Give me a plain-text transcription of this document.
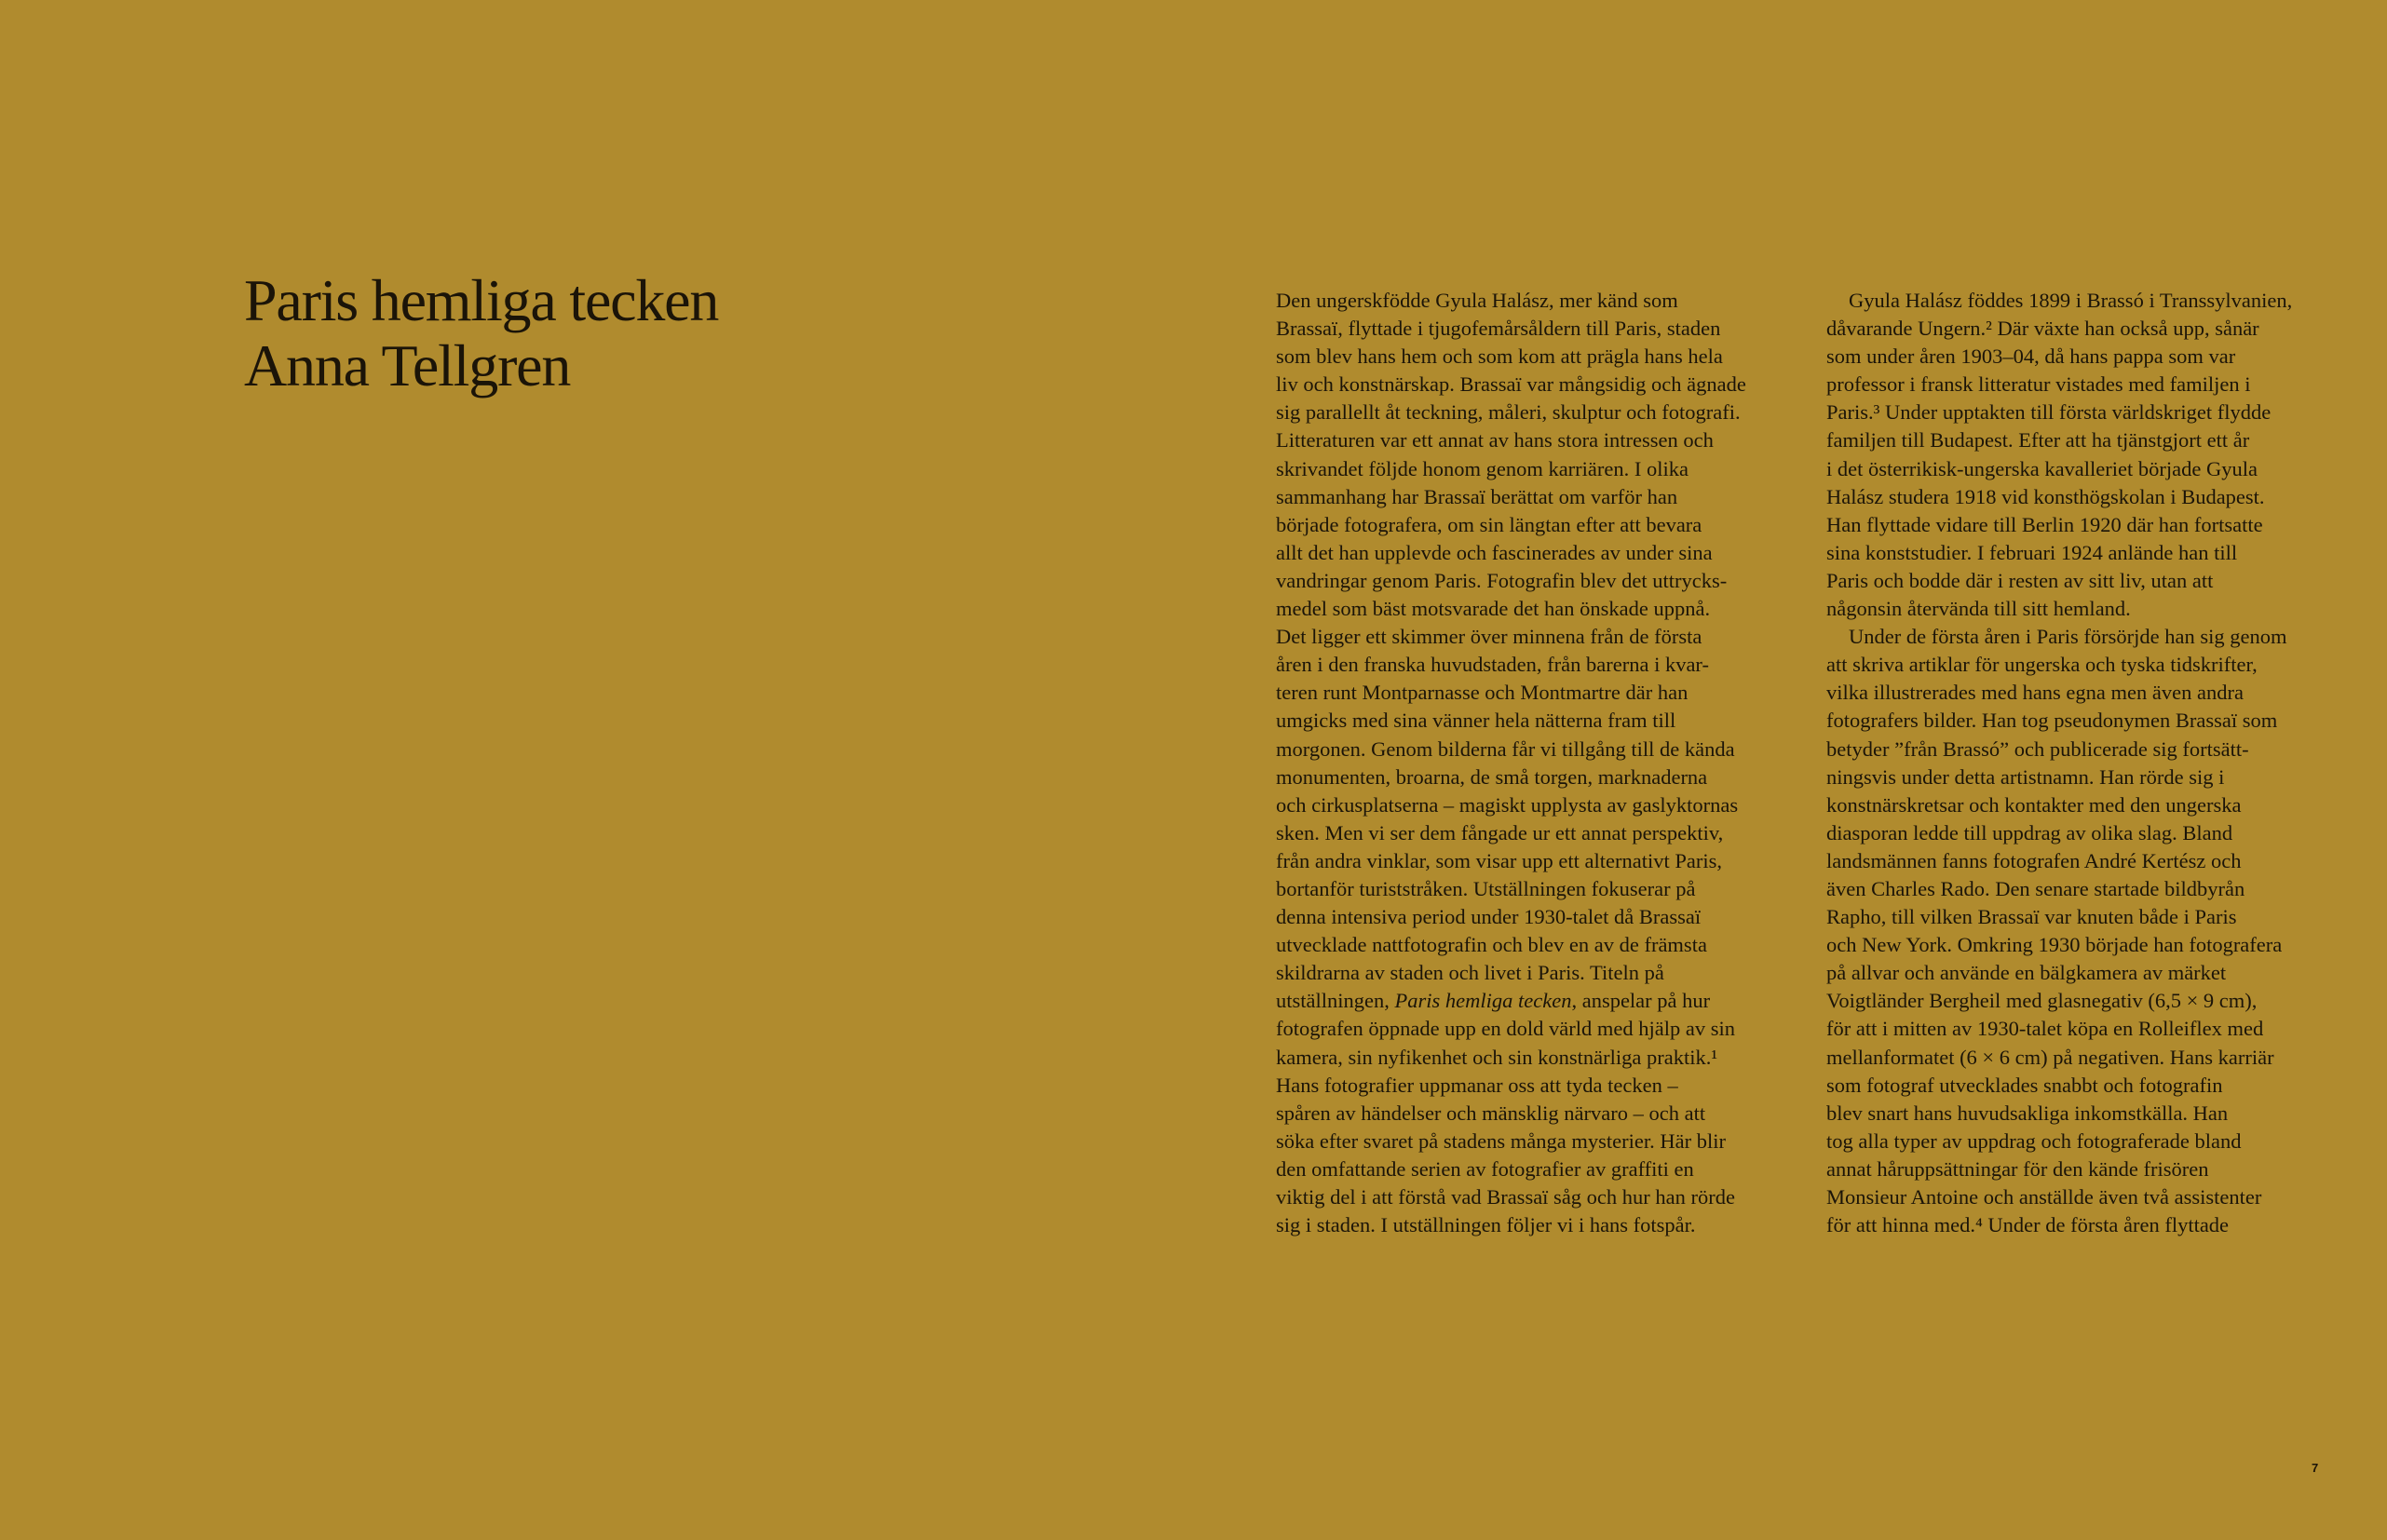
Paris hemliga tecken
Anna Tellgren
Den ungerskfödde Gyula Halász, mer känd som
Brassaï, flyttade i tjugofemårsåldern till Paris, staden
som blev hans hem och som kom att prägla hans hela
liv och konstnärskap. Brassaï var mångsidig och ägnade
sig parallellt åt teckning, måleri, skulptur och fotografi.
Litteraturen var ett annat av hans stora intressen och
skrivandet följde honom genom karriären. I olika
sammanhang har Brassaï berättat om varför han
började fotografera, om sin längtan efter att bevara
allt det han upplevde och fascinerades av under sina
vandringar genom Paris. Fotografin blev det uttrycks-
medel som bäst motsvarade det han önskade uppnå.
Det ligger ett skimmer över minnena från de första
åren i den franska huvudstaden, från barerna i kvar-
teren runt Montparnasse och Montmartre där han
umgicks med sina vänner hela nätterna fram till
morgonen. Genom bilderna får vi tillgång till de kända
monumenten, broarna, de små torgen, marknaderna
och cirkusplatserna – magiskt upplysta av gaslyktornas
sken. Men vi ser dem fångade ur ett annat perspektiv,
från andra vinklar, som visar upp ett alternativt Paris,
bortanför turiststråken. Utställningen fokuserar på
denna intensiva period under 1930-talet då Brassaï
utvecklade nattfotografin och blev en av de främsta
skildrarna av staden och livet i Paris. Titeln på
utställningen, Paris hemliga tecken, anspelar på hur
fotografen öppnade upp en dold värld med hjälp av sin
kamera, sin nyfikenhet och sin konstnärliga praktik.¹
Hans fotografier uppmanar oss att tyda tecken –
spåren av händelser och mänsklig närvaro – och att
söka efter svaret på stadens många mysterier. Här blir
den omfattande serien av fotografier av graffiti en
viktig del i att förstå vad Brassaï såg och hur han rörde
sig i staden. I utställningen följer vi i hans fotspår.
Gyula Halász föddes 1899 i Brassó i Transsylvanien,
dåvarande Ungern.² Där växte han också upp, sånär
som under åren 1903–04, då hans pappa som var
professor i fransk litteratur vistades med familjen i
Paris.³ Under upptakten till första världskriget flydde
familjen till Budapest. Efter att ha tjänstgjort ett år
i det österrikisk-ungerska kavalleriet började Gyula
Halász studera 1918 vid konsthögskolan i Budapest.
Han flyttade vidare till Berlin 1920 där han fortsatte
sina konststudier. I februari 1924 anlände han till
Paris och bodde där i resten av sitt liv, utan att
någonsin återvända till sitt hemland.
Under de första åren i Paris försörjde han sig genom
att skriva artiklar för ungerska och tyska tidskrifter,
vilka illustrerades med hans egna men även andra
fotografers bilder. Han tog pseudonymen Brassaï som
betyder ”från Brassó” och publicerade sig fortsätt-
ningsvis under detta artistnamn. Han rörde sig i
konstnärskretsar och kontakter med den ungerska
diasporan ledde till uppdrag av olika slag. Bland
landsmännen fanns fotografen André Kertész och
även Charles Rado. Den senare startade bildbyrån
Rapho, till vilken Brassaï var knuten både i Paris
och New York. Omkring 1930 började han fotografera
på allvar och använde en bälgkamera av märket
Voigtländer Bergheil med glasnegativ (6,5 × 9 cm),
för att i mitten av 1930-talet köpa en Rolleiflex med
mellanformatet (6 × 6 cm) på negativen. Hans karriär
som fotograf utvecklades snabbt och fotografin
blev snart hans huvudsakliga inkomstkälla. Han
tog alla typer av uppdrag och fotograferade bland
annat håruppsättningar för den kände frisören
Monsieur Antoine och anställde även två assistenter
för att hinna med.⁴ Under de första åren flyttade
7
